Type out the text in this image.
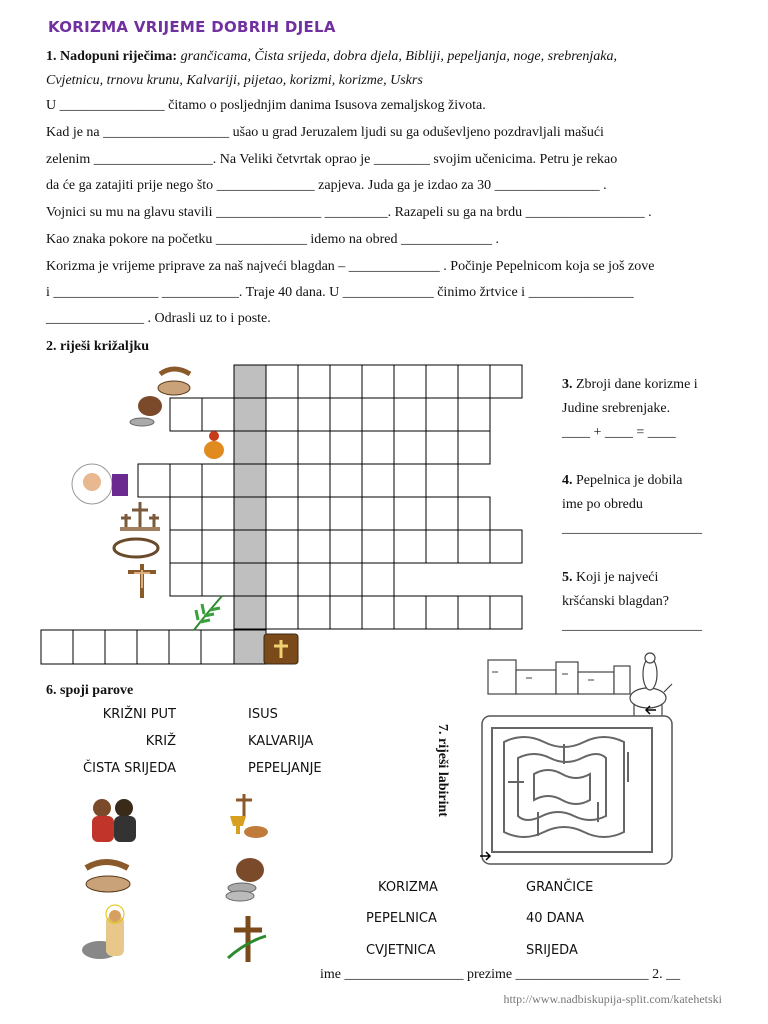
KORIZMA VRIJEME DOBRIH DJELA
1. Nadopuni riječima: grančicama, Čista srijeda, dobra djela, Bibliji, pepeljanja, noge, srebrenjaka,
Cvjetnicu, trnovu krunu, Kalvariji, pijetao, korizmi, korizme, Uskrs
U _______________ čitamo o posljednjim danima Isusova zemaljskog života.
Kad je na __________________ ušao u grad Jeruzalem ljudi su ga oduševljeno pozdravljali mašući
zelenim _________________. Na Veliki četvrtak oprao je ________ svojim učenicima. Petru je rekao
da će ga zatajiti prije nego što ______________ zapjeva. Juda ga je izdao za 30 _______________ .
Vojnici su mu na glavu stavili _______________ _________. Razapeli su ga na brdu _________________ .
Kao znaka pokore na početku _____________ idemo na obred _____________ .
Korizma je vrijeme priprave za naš najveći blagdan – _____________ . Počinje Pepelnicom koja se još zove
i _______________ ___________. Traje 40 dana. U _____________ činimo žrtvice i _______________
______________ . Odrasli uz to i poste.
2. riješi križaljku
3. Zbroji dane korizme i
Judine srebrenjake.
____ + ____ = ____
4. Pepelnica je dobila
ime po obredu
____________________
5. Koji je najveći
kršćanski blagdan?
____________________
7. riješi labirint
6. spoji parove
KRIŽNI PUT
KRIŽ
ČISTA SRIJEDA
ISUS
KALVARIJA
PEPELJANJE
KORIZMA
PEPELNICA
CVJETNICA
GRANČICE
40 DANA
SRIJEDA
ime _________________ prezime ___________________ 2. __
http://www.nadbiskupija-split.com/katehetski
